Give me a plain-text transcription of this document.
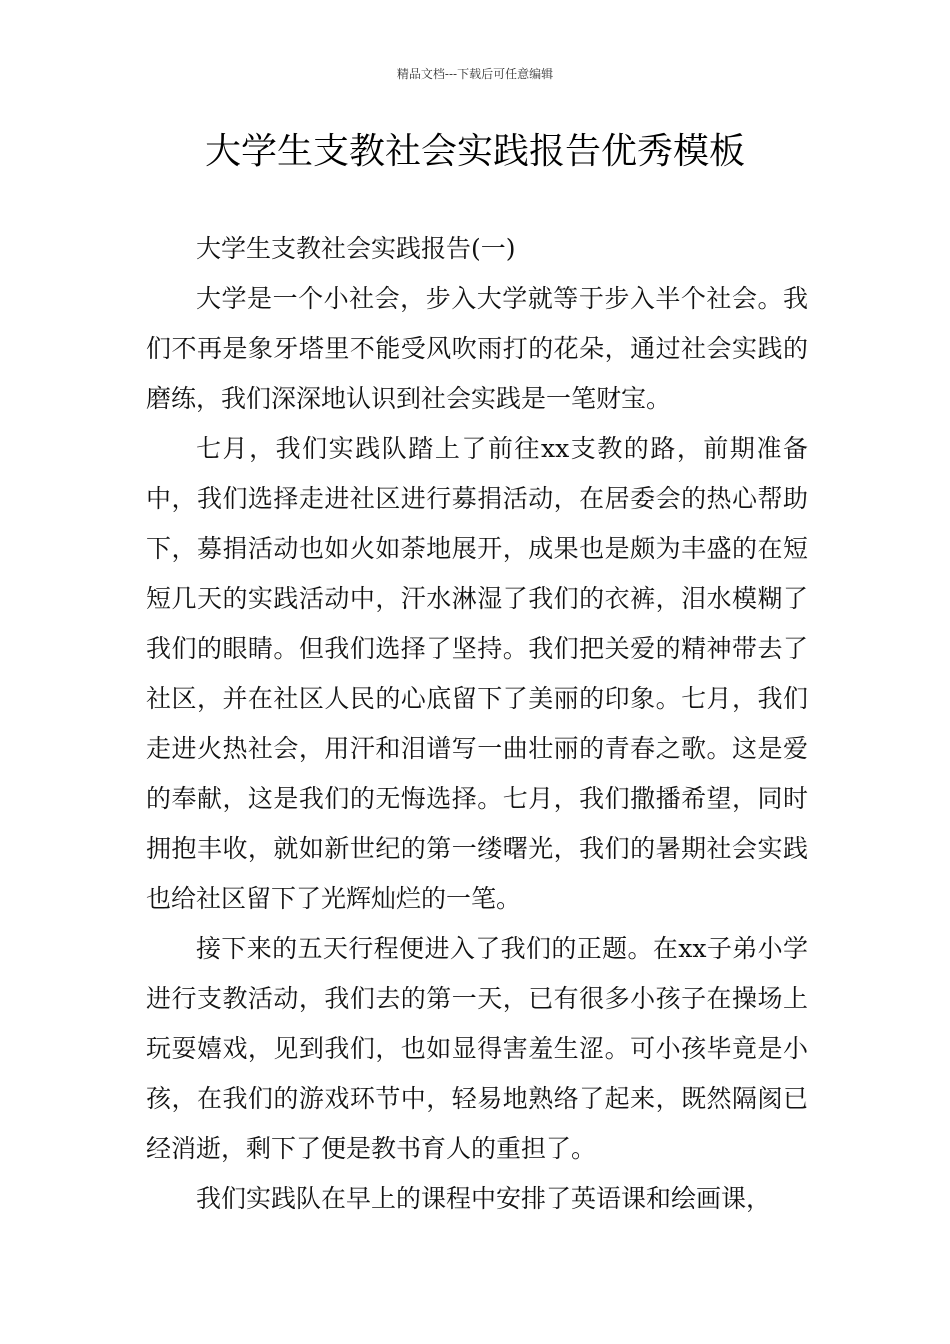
精品文档---下载后可任意编辑
大学生支教社会实践报告优秀模板

大学生支教社会实践报告(一)

大学是一个小社会，步入大学就等于步入半个社会。我们不再是象牙塔里不能受风吹雨打的花朵，通过社会实践的磨练，我们深深地认识到社会实践是一笔财宝。

七月，我们实践队踏上了前往xx支教的路，前期准备中，我们选择走进社区进行募捐活动，在居委会的热心帮助下，募捐活动也如火如荼地展开，成果也是颇为丰盛的在短短几天的实践活动中，汗水淋湿了我们的衣裤，泪水模糊了我们的眼睛。但我们选择了坚持。我们把关爱的精神带去了社区，并在社区人民的心底留下了美丽的印象。七月，我们走进火热社会，用汗和泪谱写一曲壮丽的青春之歌。这是爱的奉献，这是我们的无悔选择。七月，我们撒播希望，同时拥抱丰收，就如新世纪的第一缕曙光，我们的暑期社会实践也给社区留下了光辉灿烂的一笔。

接下来的五天行程便进入了我们的正题。在xx子弟小学进行支教活动，我们去的第一天，已有很多小孩子在操场上玩耍嬉戏，见到我们，也如显得害羞生涩。可小孩毕竟是小孩，在我们的游戏环节中，轻易地熟络了起来，既然隔阂已经消逝，剩下了便是教书育人的重担了。

我们实践队在早上的课程中安排了英语课和绘画课，
